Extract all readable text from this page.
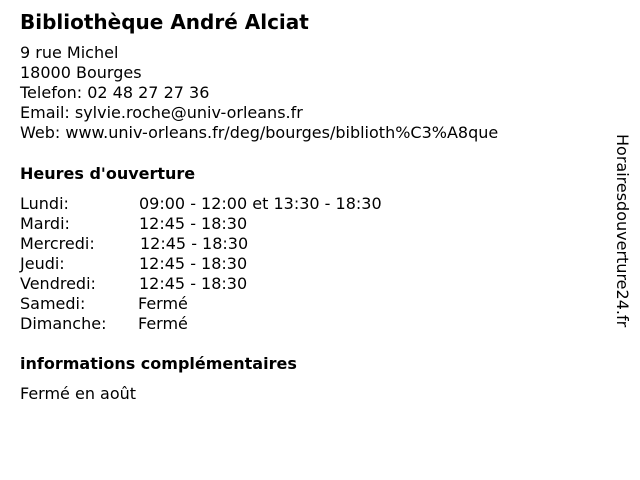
Bibliothèque André Alciat
9 rue Michel
18000 Bourges
Telefon: 02 48 27 27 36
Email: sylvie.roche@univ-orleans.fr
Web: www.univ-orleans.fr/deg/bourges/biblioth%C3%A8que
Heures d'ouverture
Lundi:	09:00 - 12:00 et 13:30 - 18:30
Mardi:	12:45 - 18:30
Mercredi:	12:45 - 18:30
Jeudi:	12:45 - 18:30
Vendredi:	12:45 - 18:30
Samedi:	Fermé
Dimanche: Fermé
informations complémentaires
Fermé en août
Horairesdouverture24.fr
